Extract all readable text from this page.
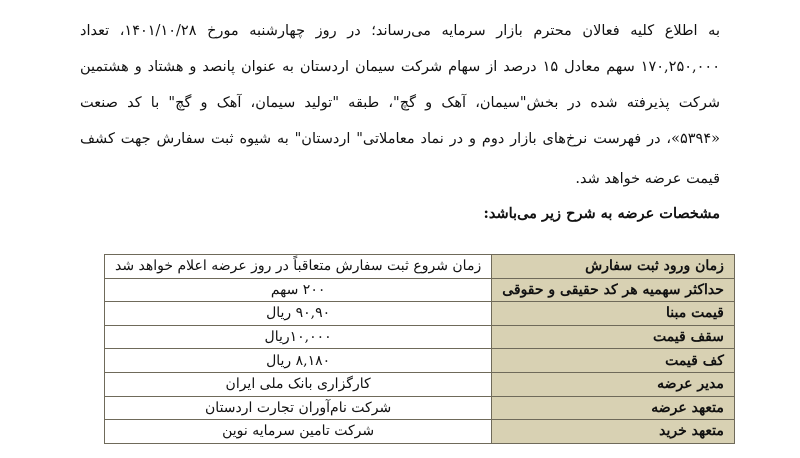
به اطلاع کلیه فعالان محترم بازار سرمایه می‌رساند؛ در روز چهارشنبه مورخ ۱۴۰۱/۱۰/۲۸، تعداد
۱۷۰,۲۵۰,۰۰۰ سهم معادل ۱۵ درصد از سهام شرکت سیمان اردستان به عنوان پانصد و هشتاد و هشتمین
شرکت پذیرفته شده در بخش"سیمان، آهک و گچ"، طبقه "تولید سیمان، آهک و گچ" با کد صنعت
«۵۳۹۴»، در فهرست نرخ‌های بازار دوم و در نماد معاملاتی" اردستان" به شیوه ثبت سفارش جهت کشف
قیمت عرضه خواهد شد.
مشخصات عرضه به شرح زیر می‌باشد:
زمان ورود ثبت سفارش	زمان شروع ثبت سفارش متعاقباً در روز عرضه اعلام خواهد شد
حداکثر سهمیه هر کد حقیقی و حقوقی	۲۰۰ سهم
قیمت مبنا	۹۰,۹۰ ریال
سقف قیمت	۱۰,۰۰۰ریال
کف قیمت	۸,۱۸۰ ریال
مدیر عرضه	کارگزاری بانک ملی ایران
متعهد عرضه	شرکت نام‌آوران تجارت اردستان
متعهد خرید	شرکت تامین سرمایه نوین
